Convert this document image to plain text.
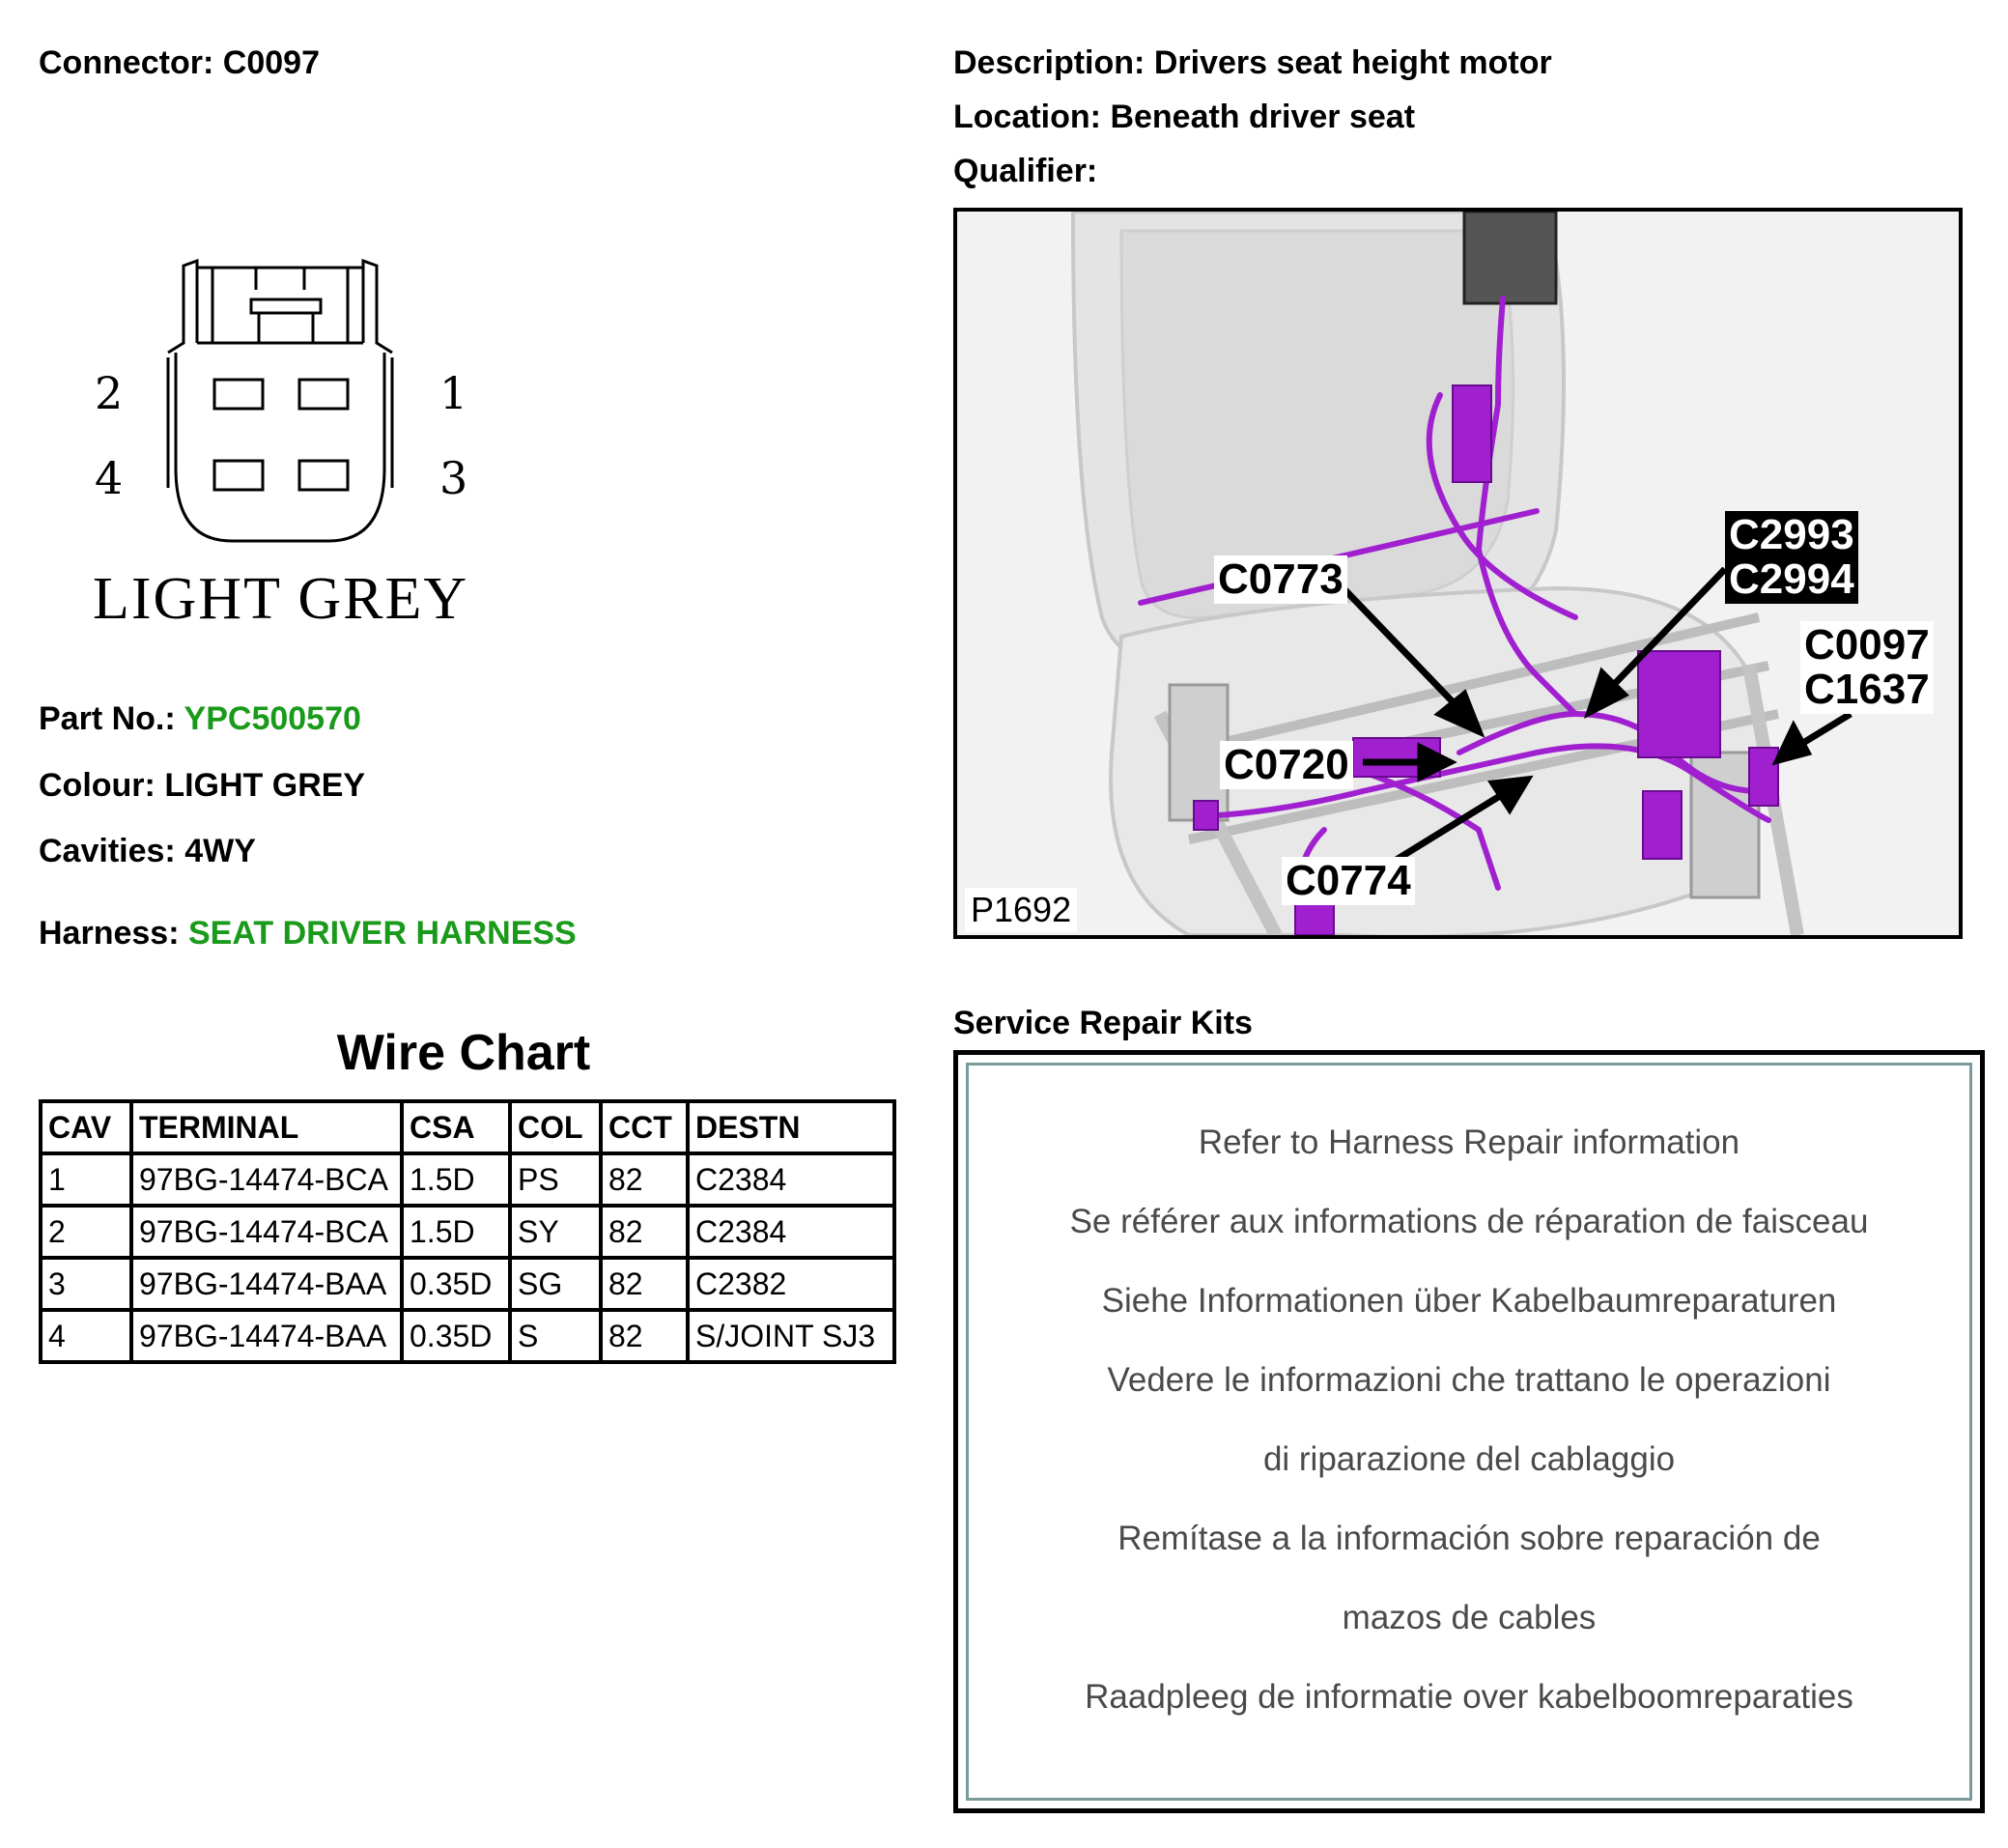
Connector: C0097	Description: Drivers seat height motor
Location: Beneath driver seat
Qualifier:
2	1
4	3
LIGHT GREY
Part No.: YPC500570
Colour: LIGHT GREY
Cavities: 4WY
Harness: SEAT DRIVER HARNESS
Wire Chart
CAV	TERMINAL	CSA	COL	CCT	DESTN
1	97BG-14474-BCA	1.5D	PS	82	C2384
2	97BG-14474-BCA	1.5D	SY	82	C2384
3	97BG-14474-BAA	0.35D	SG	82	C2382
4	97BG-14474-BAA	0.35D	S	82	S/JOINT SJ3
C0773
C2993
C2994
C0097
C1637
C0720
C0774
P1692
Service Repair Kits
Refer to Harness Repair information
Se référer aux informations de réparation de faisceau
Siehe Informationen über Kabelbaumreparaturen
Vedere le informazioni che trattano le operazioni
di riparazione del cablaggio
Remítase a la información sobre reparación de
mazos de cables
Raadpleeg de informatie over kabelboomreparaties
